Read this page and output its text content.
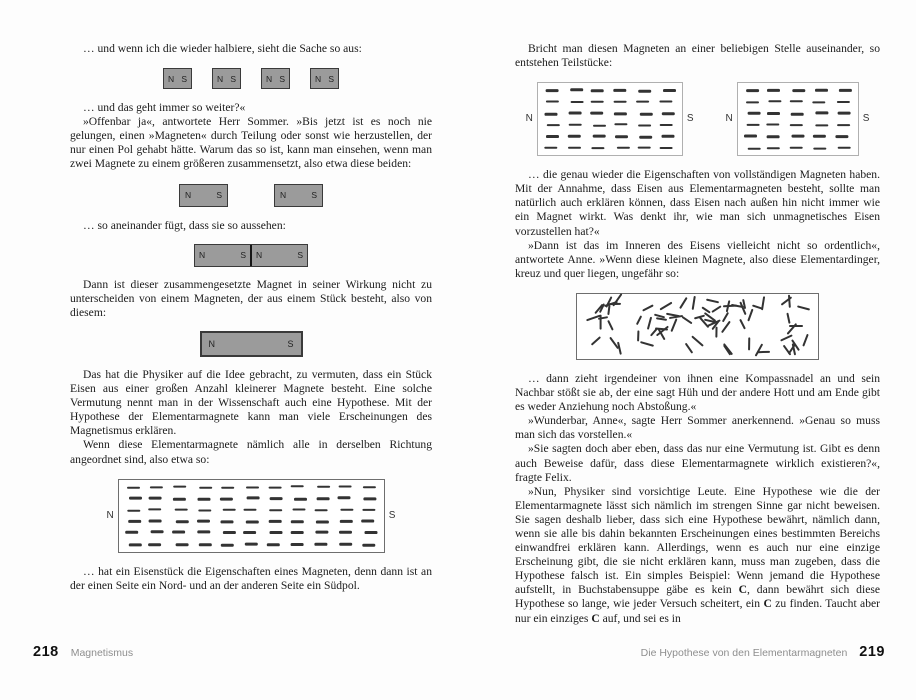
… und wenn ich die wieder halbiere, sieht die Sache so aus:

N S	N S	N S	N S

… und das geht immer so weiter?«

»Offenbar ja«, antwortete Herr Sommer. »Bis jetzt ist es noch nie gelungen, einen »Magneten« durch Teilung oder sonst wie herzustellen, der nur einen Pol gehabt hätte. Warum das so ist, kann man einsehen, wenn man zwei Magnete zu einem größeren zusammensetzt, also etwa diese beiden:

N	S	N	S

… so aneinander fügt, dass sie so aussehen:

N	S N	S

Dann ist dieser zusammengesetzte Magnet in seiner Wirkung nicht zu unterscheiden von einem Magneten, der aus einem Stück besteht, also von diesem:

N	S

Das hat die Physiker auf die Idee gebracht, zu vermuten, dass ein Stück Eisen aus einer großen Anzahl kleinerer Magnete besteht. Eine solche Vermutung nennt man in der Wissenschaft auch eine Hypothese. Mit der Hypothese der Elementarmagnete kann man viele Erscheinungen des Magnetismus erklären.

Wenn diese Elementarmagnete nämlich alle in derselben Richtung angeordnet sind, also etwa so:

N	S

… hat ein Eisenstück die Eigenschaften eines Magneten, denn dann ist an der einen Seite ein Nord- und an der anderen Seite ein Südpol.

Bricht man diesen Magneten an einer beliebigen Stelle auseinander, so entstehen Teilstücke:

N	S	N	S

… die genau wieder die Eigenschaften von vollständigen Magneten haben. Mit der Annahme, dass Eisen aus Elementarmagneten besteht, sollte man natürlich auch erklären können, dass Eisen nach außen hin nicht immer wie ein Magnet wirkt. Was denkt ihr, wie man sich unmagnetisches Eisen vorzustellen hat?«

»Dann ist das im Inneren des Eisens vielleicht nicht so ordentlich«, antwortete Anne. »Wenn diese kleinen Magnete, also diese Elementardinger, kreuz und quer liegen, ungefähr so:

… dann zieht irgendeiner von ihnen eine Kompassnadel an und sein Nachbar stößt sie ab, der eine sagt Hüh und der andere Hott und am Ende gibt es weder Anziehung noch Abstoßung.«

»Wunderbar, Anne«, sagte Herr Sommer anerkennend. »Genau so muss man sich das vorstellen.«

»Sie sagten doch aber eben, dass das nur eine Vermutung ist. Gibt es denn auch Beweise dafür, dass diese Elementarmagnete wirklich existieren?«, fragte Felix.

»Nun, Physiker sind vorsichtige Leute. Eine Hypothese wie die der Elementarmagnete lässt sich nämlich im strengen Sinne gar nicht beweisen. Sie sagen deshalb lieber, dass sich eine Hypothese bewährt, nämlich dann, wenn sie alle bis dahin bekannten Erscheinungen eines bestimmten Bereichs einwandfrei erklären kann. Allerdings, wenn es auch nur eine einzige Erscheinung gibt, die sie nicht erklären kann, muss man zugeben, dass die Hypothese falsch ist. Ein simples Beispiel: Wenn jemand die Hypothese aufstellt, in Buchstabensuppe gäbe es kein C, dann bewährt sich diese Hypothese so lange, wie jeder Versuch scheitert, ein C zu finden. Taucht aber nur ein einziges C auf, und sei es in

218 Magnetismus	Die Hypothese von den Elementarmagneten 219
